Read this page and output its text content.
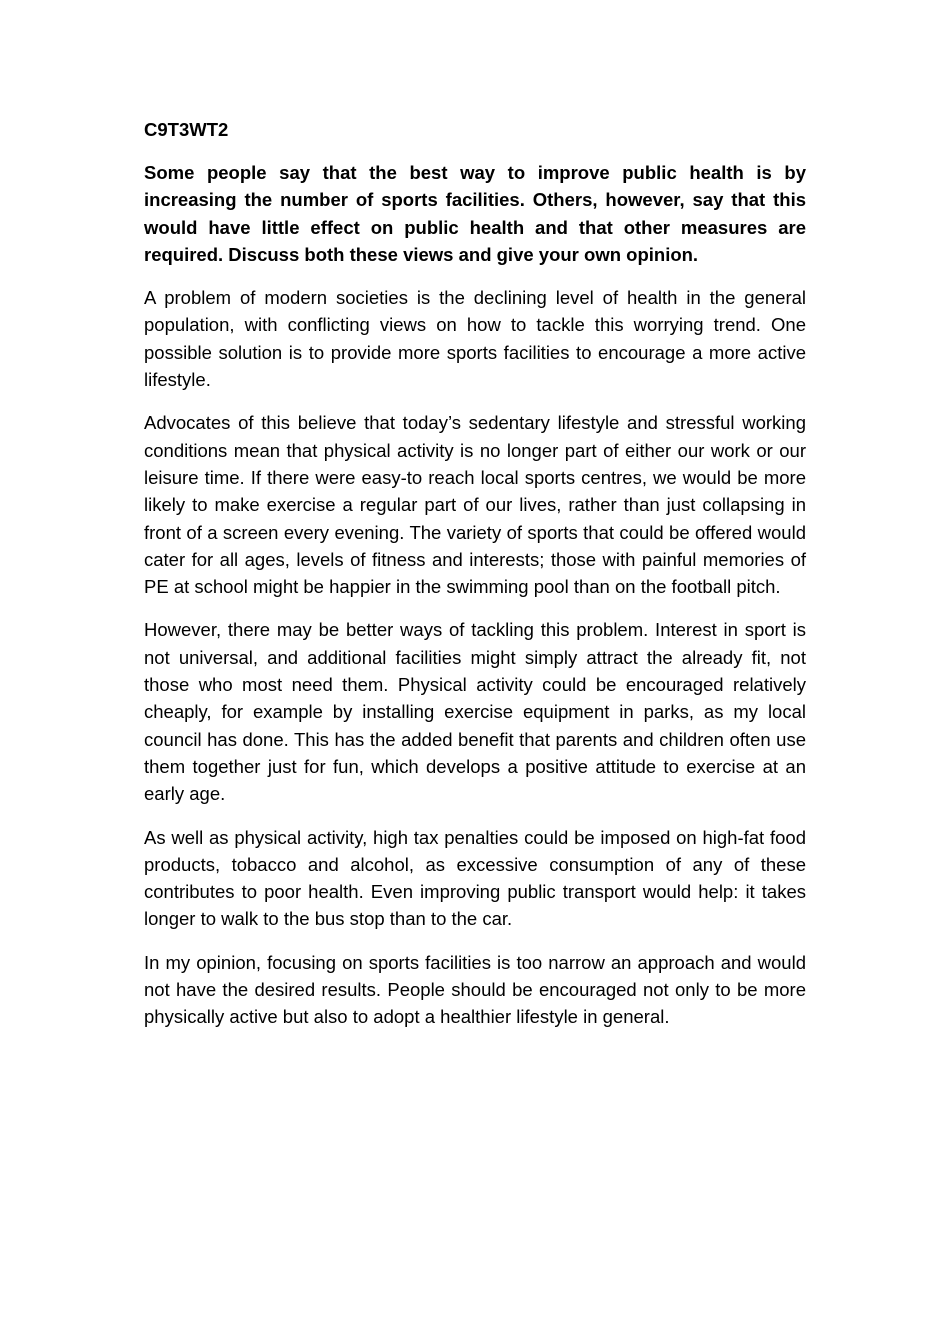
C9T3WT2
Some people say that the best way to improve public health is by increasing the number of sports facilities. Others, however, say that this would have little effect on public health and that other measures are required. Discuss both these views and give your own opinion.
A problem of modern societies is the declining level of health in the general population, with conflicting views on how to tackle this worrying trend. One possible solution is to provide more sports facilities to encourage a more active lifestyle.
Advocates of this believe that today’s sedentary lifestyle and stressful working conditions mean that physical activity is no longer part of either our work or our leisure time. If there were easy-to reach local sports centres, we would be more likely to make exercise a regular part of our lives, rather than just collapsing in front of a screen every evening. The variety of sports that could be offered would cater for all ages, levels of fitness and interests; those with painful memories of PE at school might be happier in the swimming pool than on the football pitch.
However, there may be better ways of tackling this problem. Interest in sport is not universal, and additional facilities might simply attract the already fit, not those who most need them. Physical activity could be encouraged relatively cheaply, for example by installing exercise equipment in parks, as my local council has done. This has the added benefit that parents and children often use them together just for fun, which develops a positive attitude to exercise at an early age.
As well as physical activity, high tax penalties could be imposed on high-fat food products, tobacco and alcohol, as excessive consumption of any of these contributes to poor health. Even improving public transport would help: it takes longer to walk to the bus stop than to the car.
In my opinion, focusing on sports facilities is too narrow an approach and would not have the desired results. People should be encouraged not only to be more physically active but also to adopt a healthier lifestyle in general.
